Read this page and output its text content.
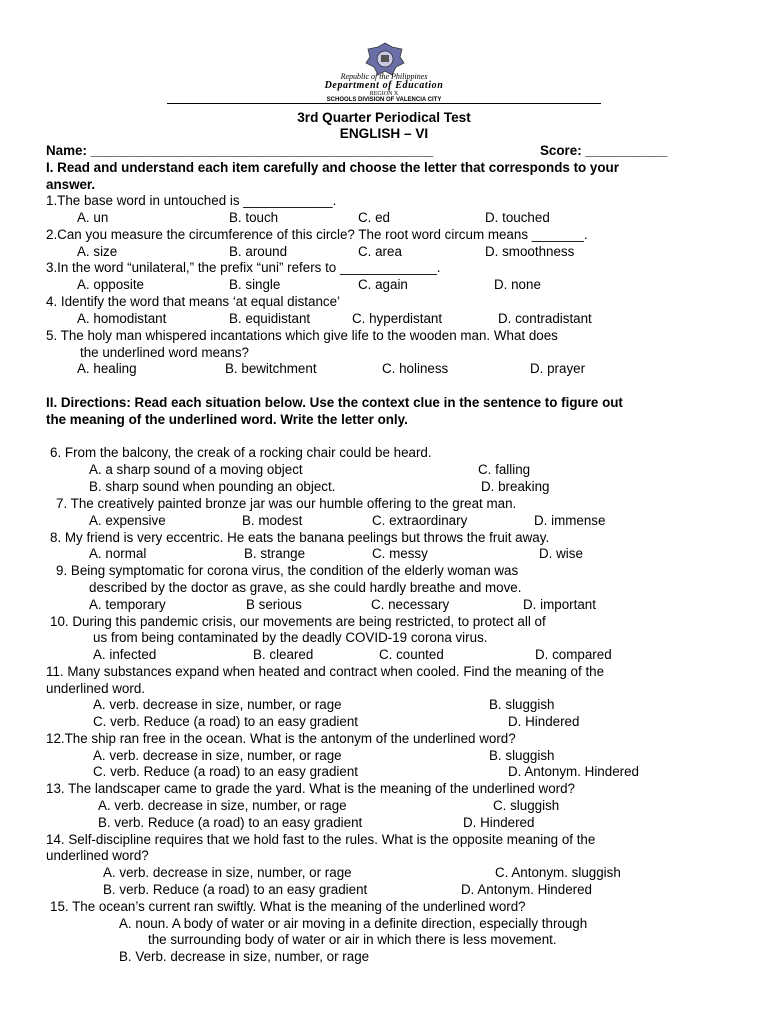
Republic of the Philippines
Department of Education
REGION X
SCHOOLS DIVISION OF VALENCIA CITY
3rd Quarter Periodical Test
ENGLISH – VI
Name: ______________________________________________	Score: ___________
I. Read and understand each item carefully and choose the letter that corresponds to your
answer.
1.The base word in untouched is ____________.
A. un	B. touch	C. ed	D. touched
2.Can you measure the circumference of this circle? The root word circum means _______.
A. size	B. around	C. area	D. smoothness
3.In the word “unilateral,” the prefix “uni” refers to _____________.
A. opposite	B. single	C. again	D. none
4. Identify the word that means ‘at equal distance’
A. homodistant	B. equidistant	C. hyperdistant	D. contradistant
5. The holy man whispered incantations which give life to the wooden man. What does
the underlined word means?
A. healing	B. bewitchment	C. holiness	D. prayer
II. Directions: Read each situation below. Use the context clue in the sentence to figure out
the meaning of the underlined word. Write the letter only.
6. From the balcony, the creak of a rocking chair could be heard.
A. a sharp sound of a moving object	C. falling
B. sharp sound when pounding an object.	D. breaking
7. The creatively painted bronze jar was our humble offering to the great man.
A. expensive	B. modest	C. extraordinary	D. immense
8. My friend is very eccentric. He eats the banana peelings but throws the fruit away.
A. normal	B. strange	C. messy	D. wise
9. Being symptomatic for corona virus, the condition of the elderly woman was
described by the doctor as grave, as she could hardly breathe and move.
A. temporary	B serious	C. necessary	D. important
10. During this pandemic crisis, our movements are being restricted, to protect all of
us from being contaminated by the deadly COVID-19 corona virus.
A. infected	B. cleared	C. counted	D. compared
11. Many substances expand when heated and contract when cooled. Find the meaning of the
underlined word.
A. verb. decrease in size, number, or rage	B. sluggish
C. verb. Reduce (a road) to an easy gradient	D. Hindered
12.The ship ran free in the ocean. What is the antonym of the underlined word?
A. verb. decrease in size, number, or rage	B. sluggish
C. verb. Reduce (a road) to an easy gradient	D. Antonym. Hindered
13. The landscaper came to grade the yard. What is the meaning of the underlined word?
A. verb. decrease in size, number, or rage	C. sluggish
B. verb. Reduce (a road) to an easy gradient	D. Hindered
14. Self-discipline requires that we hold fast to the rules. What is the opposite meaning of the
underlined word?
A. verb. decrease in size, number, or rage	C. Antonym. sluggish
B. verb. Reduce (a road) to an easy gradient	D. Antonym. Hindered
15. The ocean’s current ran swiftly. What is the meaning of the underlined word?
A. noun. A body of water or air moving in a definite direction, especially through
the surrounding body of water or air in which there is less movement.
B. Verb. decrease in size, number, or rage
